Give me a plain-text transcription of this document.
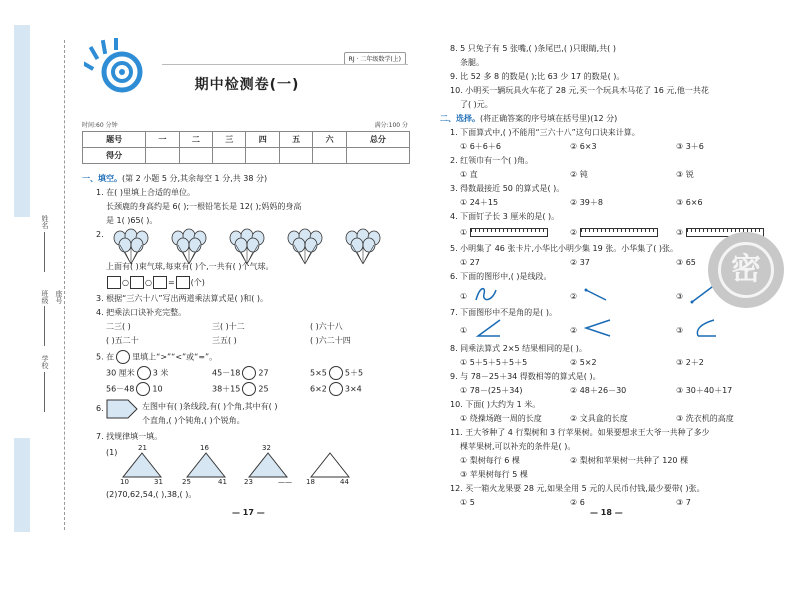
姓名
班级
学校
座号
RJ · 二年级数学(上)
期中检测卷(一)
时间:60 分钟	满分:100 分
题号	一	二	三	四	五	六	总分
得分							
一、填空。(第 2 小题 5 分,其余每空 1 分,共 38 分)
1. 在( )里填上合适的单位。
长颈鹿的身高约是 6( );一根铅笔长是 12( );妈妈的身高
是 1( )65( )。
2.
上面有( )束气球,每束有( )个,一共有( )个气球。
○ ○ = (个)
3. 根据“三六十八”写出两道乘法算式是( )和( )。
4. 把乘法口诀补充完整。
二三( )	三( )十二	( )六十八
( )五二十	三五( )	( )六二十四
5. 在 里填上“>”“<”或“=”。
30 厘米 3 米	45－18 27	5×5 5＋5
56－48 10	38＋15 25	6×2 3×4
6.	左图中有( )条线段,有( )个角,其中有( )
个直角,( )个钝角,( )个锐角。
7. 找规律填一填。
(1)	21
10	31
16
25	41
32
23	—— 18	44
(2)70,62,54,( ),38,( )。
— 17 —
8. 5 只兔子有 5 张嘴,( )条尾巴,( )只眼睛,共( )
条腿。
9. 比 52 多 8 的数是( );比 63 少 17 的数是( )。
10. 小明买一辆玩具火车花了 28 元,买一个玩具木马花了 16 元,他一共花
了( )元。
二、选择。(将正确答案的序号填在括号里)(12 分)
1. 下面算式中,( )不能用“三六十八”这句口诀来计算。
① 6＋6＋6	② 6×3	③ 3＋6
2. 红领巾有一个( )角。
① 直	② 钝	③ 锐
3. 得数最接近 50 的算式是( )。
① 24＋15	② 39＋8	③ 6×6
4. 下面钉子长 3 厘米的是( )。
①	②	③
5. 小明集了 46 张卡片,小华比小明少集 19 张。小华集了( )张。
① 27	② 37	③ 65
6. 下面的图形中,( )是线段。
①	②	③
7. 下面图形中不是角的是( )。
①	②	③
8. 同乘法算式 2×5 结果相同的是( )。
① 5＋5＋5＋5＋5	② 5×2	③ 2＋2
9. 与 78－25＋34 得数相等的算式是( )。
① 78－(25＋34)	② 48＋26－30	③ 30＋40＋17
10. 下面( )大约为 1 米。
① 绕操场跑一周的长度	② 文具盒的长度	③ 洗衣机的高度
11. 王大爷种了 4 行梨树和 3 行苹果树。如果要想求王大爷一共种了多少
棵苹果树,可以补充的条件是( )。
① 梨树每行 6 棵	② 梨树和苹果树一共种了 120 棵
③ 苹果树每行 5 棵
12. 买一箱火龙果要 28 元,如果全用 5 元的人民币付钱,最少要带( )张。
① 5	② 6	③ 7
— 18 —
密
